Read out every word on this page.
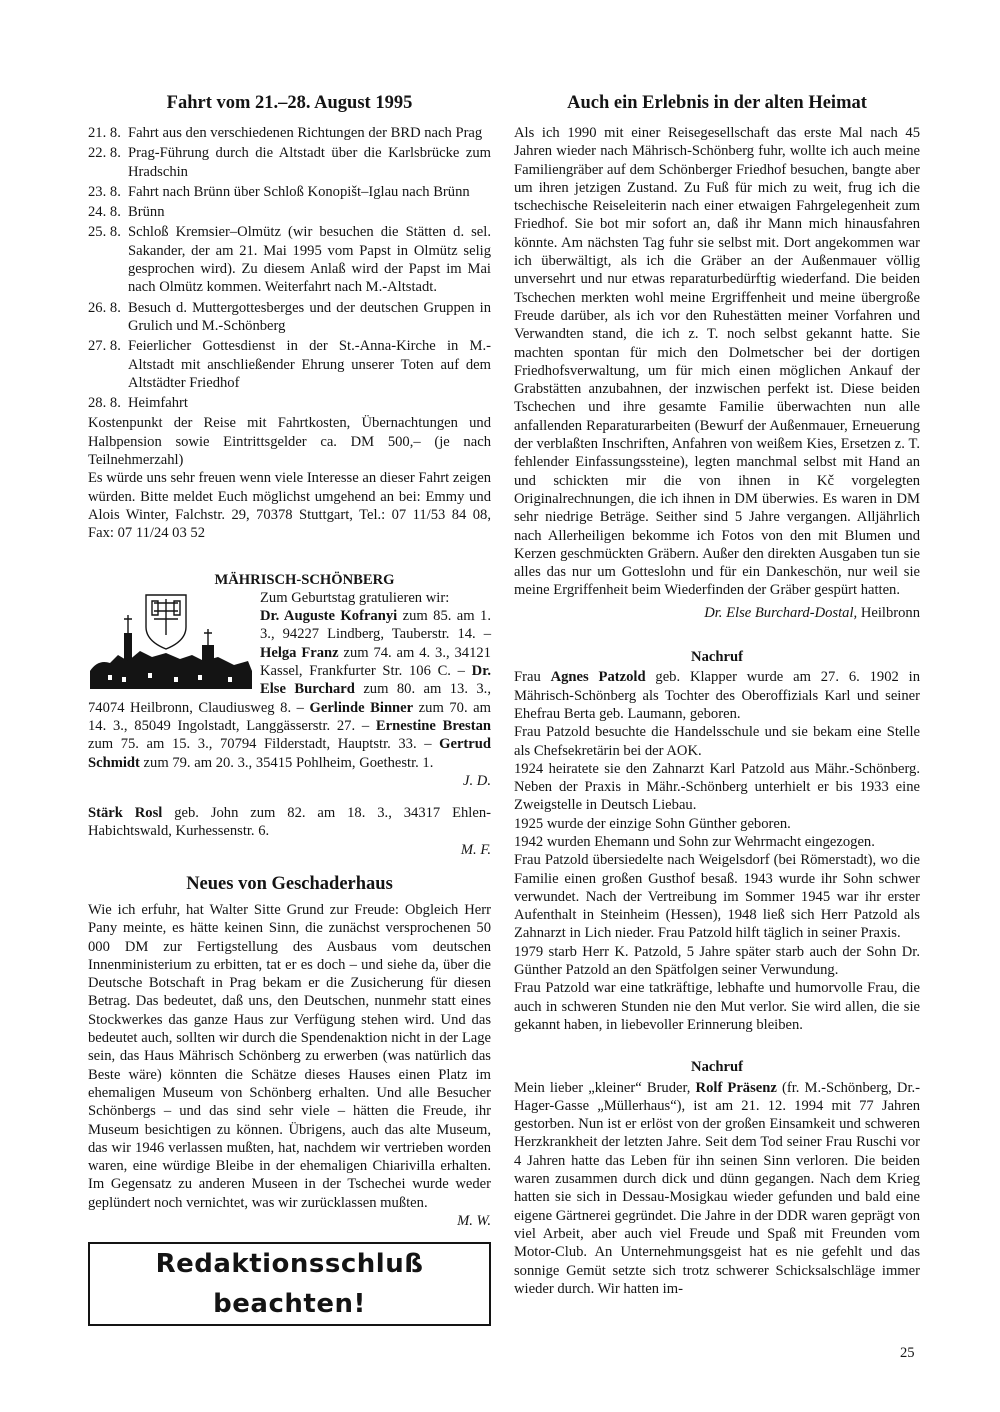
Fahrt vom 21.–28. August 1995
21. 8. Fahrt aus den verschiedenen Richtungen der BRD nach Prag
22. 8. Prag-Führung durch die Altstadt über die Karlsbrücke zum Hradschin
23. 8. Fahrt nach Brünn über Schloß Konopišt–Iglau nach Brünn
24. 8. Brünn
25. 8. Schloß Kremsier–Olmütz (wir besuchen die Stätten d. sel. Sakander, der am 21. Mai 1995 vom Papst in Olmütz selig gesprochen wird). Zu diesem Anlaß wird der Papst im Mai nach Olmütz kommen. Weiterfahrt nach M.-Altstadt.
26. 8. Besuch d. Muttergottesberges und der deutschen Gruppen in Grulich und M.-Schönberg
27. 8. Feierlicher Gottesdienst in der St.-Anna-Kirche in M.-Altstadt mit anschließender Ehrung unserer Toten auf dem Altstädter Friedhof
28. 8. Heimfahrt

Kostenpunkt der Reise mit Fahrtkosten, Übernachtungen und Halbpension sowie Eintrittsgelder ca. DM 500,– (je nach Teilnehmerzahl)

Es würde uns sehr freuen wenn viele Interesse an dieser Fahrt zeigen würden. Bitte meldet Euch möglichst umgehend an bei: Emmy und Alois Winter, Falchstr. 29, 70378 Stuttgart, Tel.: 07 11/53 84 08, Fax: 07 11/24 03 52

MÄHRISCH-SCHÖNBERG

Zum Geburtstag gratulieren wir:
Dr. Auguste Kofranyi zum 85. am 1. 3., 94227 Lindberg, Tauberstr. 14. – Helga Franz zum 74. am 4. 3., 34121 Kassel, Frankfurter Str. 106 C. – Dr. Else Burchard zum 80. am 13. 3., 74074 Heilbronn, Claudiusweg 8. – Gerlinde Binner zum 70. am 14. 3., 85049 Ingolstadt, Langgässerstr. 27. – Ernestine Brestan zum 75. am 15. 3., 70794 Filderstadt, Hauptstr. 33. – Gertrud Schmidt zum 79. am 20. 3., 35415 Pohlheim, Goethestr. 1.

J. D.

Stärk Rosl geb. John zum 82. am 18. 3., 34317 Ehlen-Habichtswald, Kurhessenstr. 6.

M. F.
Neues von Geschaderhaus

Wie ich erfuhr, hat Walter Sitte Grund zur Freude: Obgleich Herr Pany meinte, es hätte keinen Sinn, die zunächst versprochenen 50 000 DM zur Fertigstellung des Ausbaus vom deutschen Innenministerium zu erbitten, tat er es doch – und siehe da, über die Deutsche Botschaft in Prag bekam er die Zusicherung für diesen Betrag. Das bedeutet, daß uns, den Deutschen, nunmehr statt eines Stockwerkes das ganze Haus zur Verfügung stehen wird. Und das bedeutet auch, sollten wir durch die Spendenaktion nicht in der Lage sein, das Haus Mährisch Schönberg zu erwerben (was natürlich das Beste wäre) könnten die Schätze dieses Hauses einen Platz im ehemaligen Museum von Schönberg erhalten. Und alle Besucher Schönbergs – und das sind sehr viele – hätten die Freude, ihr Museum besichtigen zu können. Übrigens, auch das alte Museum, das wir 1946 verlassen mußten, hat, nachdem wir vertrieben worden waren, eine würdige Bleibe in der ehemaligen Chiarivilla erhalten. Im Gegensatz zu anderen Museen in der Tschechei wurde weder geplündert noch vernichtet, was wir zurücklassen mußten.

M. W.
Redaktionsschluß beachten!
Auch ein Erlebnis in der alten Heimat

Als ich 1990 mit einer Reisegesellschaft das erste Mal nach 45 Jahren wieder nach Mährisch-Schönberg fuhr, wollte ich auch meine Familiengräber auf dem Schönberger Friedhof besuchen, bangte aber um ihren jetzigen Zustand. Zu Fuß für mich zu weit, frug ich die tschechische Reiseleiterin nach einer etwaigen Fahrgelegenheit zum Friedhof. Sie bot mir sofort an, daß ihr Mann mich hinausfahren könnte. Am nächsten Tag fuhr sie selbst mit. Dort angekommen war ich überwältigt, als ich die Gräber an der Außenmauer völlig unversehrt und nur etwas reparaturbedürftig wiederfand. Die beiden Tschechen merkten wohl meine Ergriffenheit und meine übergroße Freude darüber, als ich vor den Ruhestätten meiner Vorfahren und Verwandten stand, die ich z. T. noch selbst gekannt hatte. Sie machten spontan für mich den Dolmetscher bei der dortigen Friedhofsverwaltung, um für mich einen möglichen Ankauf der Grabstätten anzubahnen, der inzwischen perfekt ist. Diese beiden Tschechen und ihre gesamte Familie überwachten nun alle anfallenden Reparaturarbeiten (Bewurf der Außenmauer, Erneuerung der verblaßten Inschriften, Anfahren von weißem Kies, Ersetzen z. T. fehlender Einfassungssteine), legten manchmal selbst mit Hand an und schickten mir die von ihnen in Kč vorgelegten Originalrechnungen, die ich ihnen in DM überwies. Es waren in DM sehr niedrige Beträge. Seither sind 5 Jahre vergangen. Alljährlich nach Allerheiligen bekomme ich Fotos von den mit Blumen und Kerzen geschmückten Gräbern. Außer den direkten Ausgaben tun sie alles das nur um Gotteslohn und für ein Dankeschön, nur weil sie meine Ergriffenheit beim Wiederfinden der Gräber gespürt hatten.

Dr. Else Burchard-Dostal, Heilbronn
Nachruf

Frau Agnes Patzold geb. Klapper wurde am 27. 6. 1902 in Mährisch-Schönberg als Tochter des Oberoffizials Karl und seiner Ehefrau Berta geb. Laumann, geboren.

Frau Patzold besuchte die Handelsschule und sie bekam eine Stelle als Chefsekretärin bei der AOK.

1924 heiratete sie den Zahnarzt Karl Patzold aus Mähr.-Schönberg. Neben der Praxis in Mähr.-Schönberg unterhielt er bis 1933 eine Zweigstelle in Deutsch Liebau.

1925 wurde der einzige Sohn Günther geboren.

1942 wurden Ehemann und Sohn zur Wehrmacht eingezogen.

Frau Patzold übersiedelte nach Weigelsdorf (bei Römerstadt), wo die Familie einen großen Gusthof besaß. 1943 wurde ihr Sohn schwer verwundet. Nach der Vertreibung im Sommer 1945 war ihr erster Aufenthalt in Steinheim (Hessen), 1948 ließ sich Herr Patzold als Zahnarzt in Lich nieder. Frau Patzold hilft täglich in seiner Praxis.

1979 starb Herr K. Patzold, 5 Jahre später starb auch der Sohn Dr. Günther Patzold an den Spätfolgen seiner Verwundung.

Frau Patzold war eine tatkräftige, lebhafte und humorvolle Frau, die auch in schweren Stunden nie den Mut verlor. Sie wird allen, die sie gekannt haben, in liebevoller Erinnerung bleiben.

Nachruf

Mein lieber „kleiner“ Bruder, Rolf Präsenz (fr. M.-Schönberg, Dr.-Hager-Gasse „Müllerhaus“), ist am 21. 12. 1994 mit 77 Jahren gestorben. Nun ist er erlöst von der großen Einsamkeit und schweren Herzkrankheit der letzten Jahre. Seit dem Tod seiner Frau Ruschi vor 4 Jahren hatte das Leben für ihn seinen Sinn verloren. Die beiden waren zusammen durch dick und dünn gegangen. Nach dem Krieg hatten sie sich in Dessau-Mosigkau wieder gefunden und bald eine eigene Gärtnerei gegründet. Die Jahre in der DDR waren geprägt von viel Arbeit, aber auch viel Freude und Spaß mit Freunden vom Motor-Club. An Unternehmungsgeist hat es nie gefehlt und das sonnige Gemüt setzte sich trotz schwerer Schicksalschläge immer wieder durch. Wir hatten im-

25
